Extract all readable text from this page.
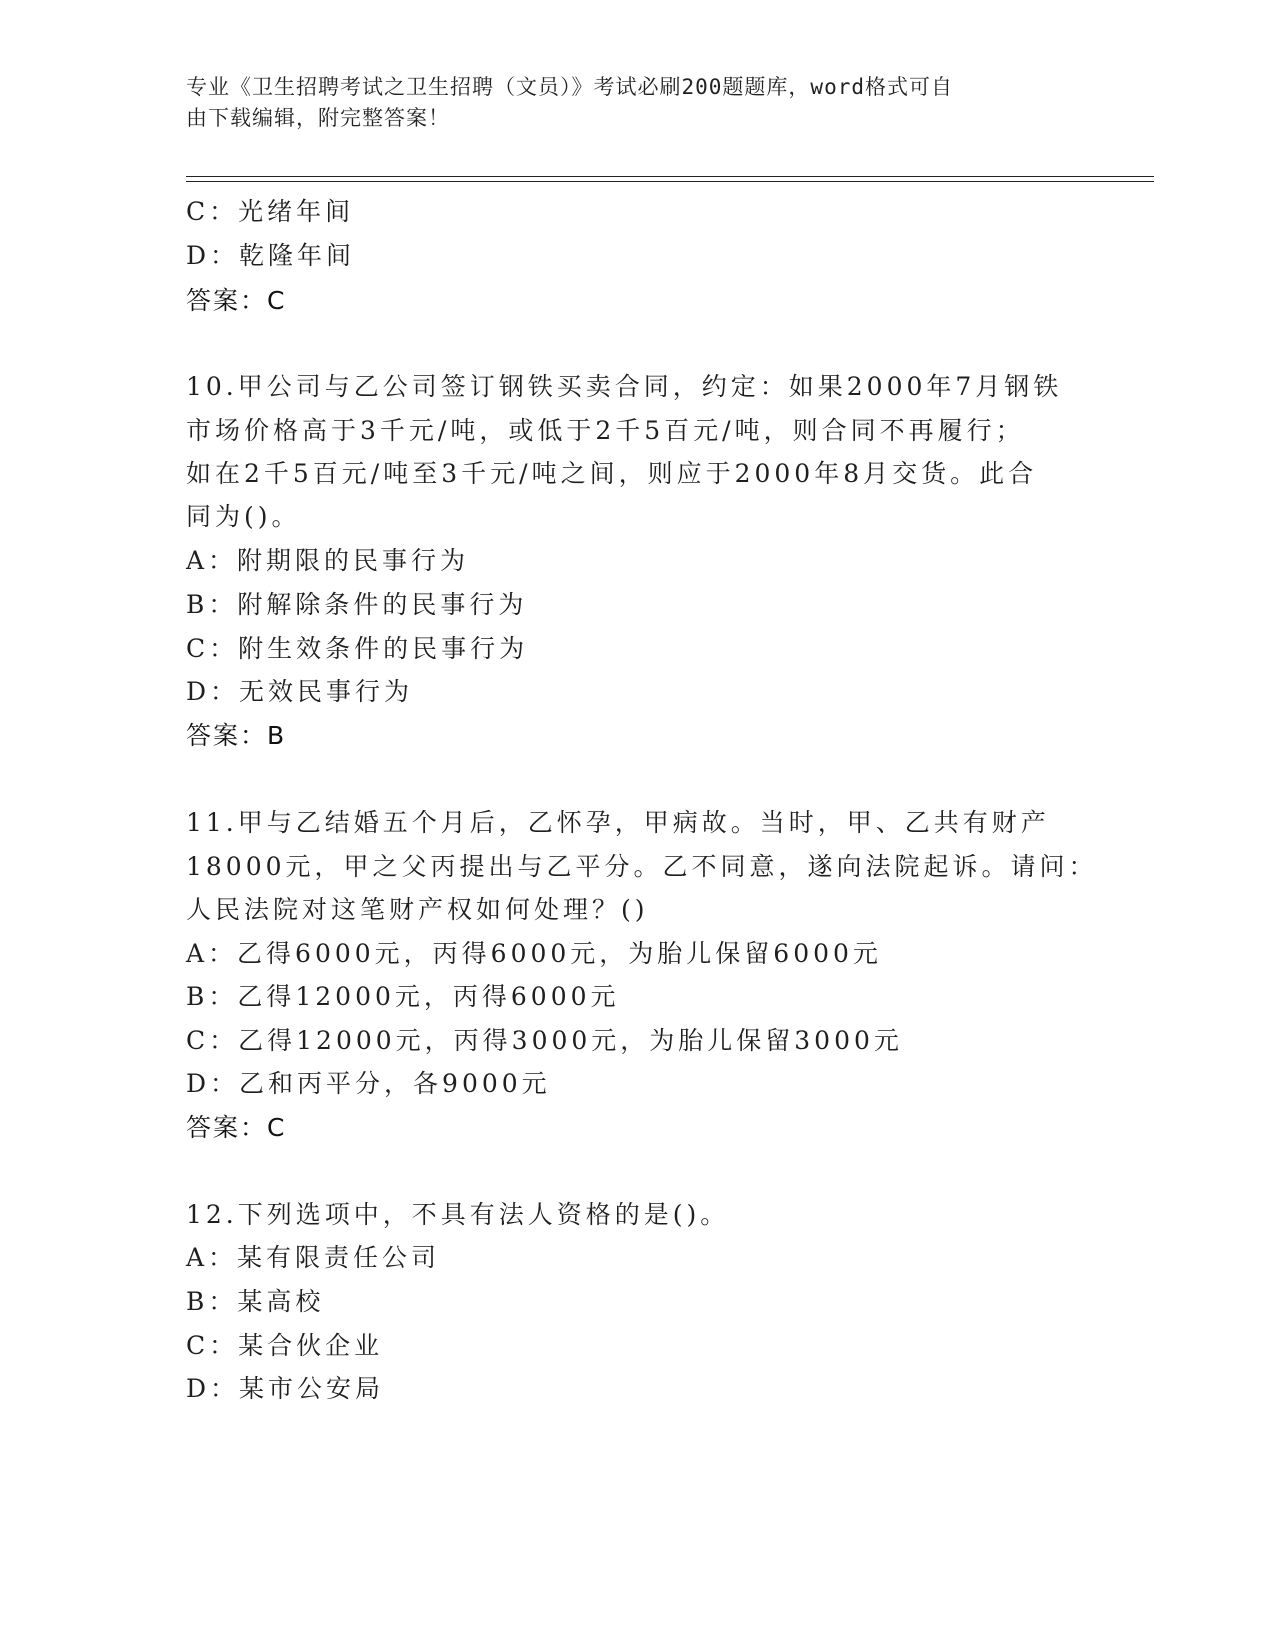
专业《卫生招聘考试之卫生招聘（文员）》考试必刷200题题库，word格式可自
由下载编辑，附完整答案！
C：光绪年间
D：乾隆年间
答案：C
10.甲公司与乙公司签订钢铁买卖合同，约定：如果2000年7月钢铁
市场价格高于3千元/吨，或低于2千5百元/吨，则合同不再履行；
如在2千5百元/吨至3千元/吨之间，则应于2000年8月交货。此合
同为()。
A：附期限的民事行为
B：附解除条件的民事行为
C：附生效条件的民事行为
D：无效民事行为
答案：B
11.甲与乙结婚五个月后，乙怀孕，甲病故。当时，甲、乙共有财产
18000元，甲之父丙提出与乙平分。乙不同意，遂向法院起诉。请问：
人民法院对这笔财产权如何处理？()
A：乙得6000元，丙得6000元，为胎儿保留6000元
B：乙得12000元，丙得6000元
C：乙得12000元，丙得3000元，为胎儿保留3000元
D：乙和丙平分，各9000元
答案：C
12.下列选项中，不具有法人资格的是()。
A：某有限责任公司
B：某高校
C：某合伙企业
D：某市公安局
